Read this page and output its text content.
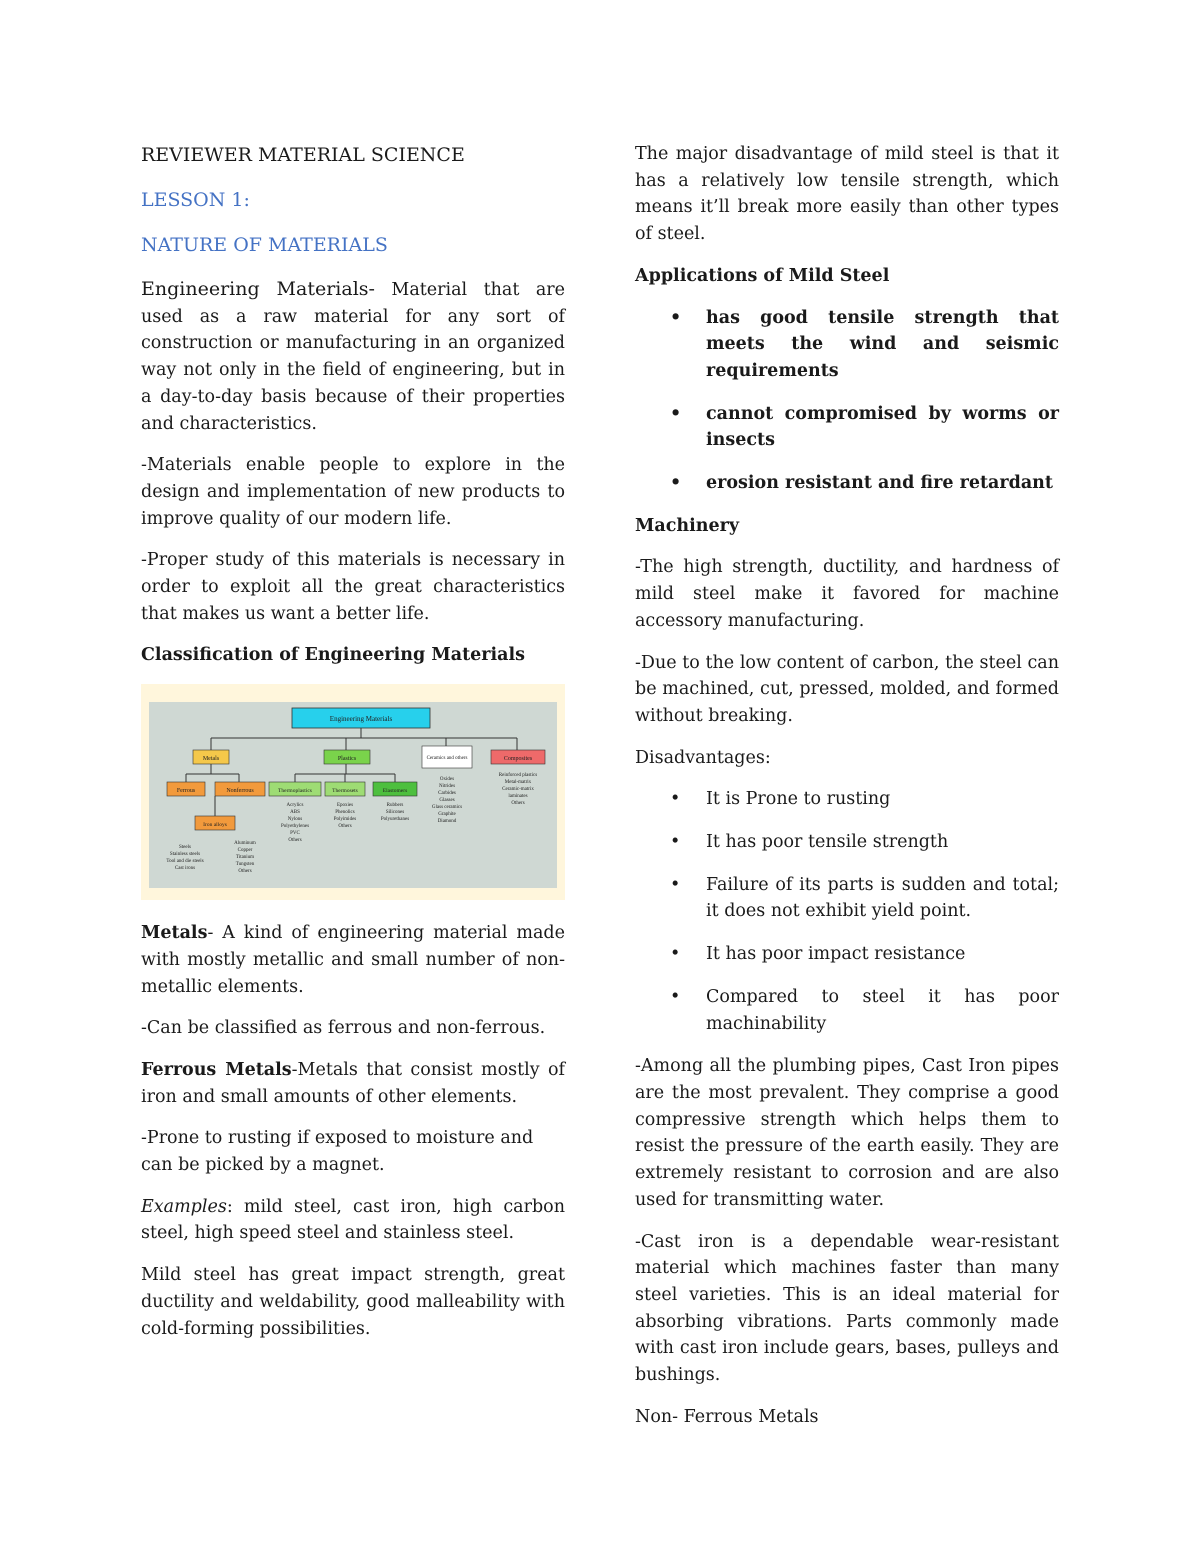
REVIEWER MATERIAL SCIENCE

LESSON 1:

NATURE OF MATERIALS

Engineering Materials- Material that are used as a raw material for any sort of construction or manufacturing in an organized way not only in the field of engineering, but in a day-to-day basis because of their properties and characteristics.

-Materials enable people to explore in the design and implementation of new products to improve quality of our modern life.

-Proper study of this materials is necessary in order to exploit all the great characteristics that makes us want a better life.

Classification of Engineering Materials

Engineering Materials
Metals	Plastics	Ceramics and others	Composites
Ferrous	Nonferrous
Iron alloys
Thermoplastics	Thermosets	Elastomers
Steels
Stainless steels
Tool and die steels
Cast irons
Aluminum
Copper
Titanium
Tungsten
Others
Acrylics
ABS
Nylons
Polyethylenes
PVC
Others
Epoxies
Phenolics
Polyimides
Others
Rubbers
Silicones
Polyurethanes
Oxides
Nitrides
Carbides
Glasses
Glass ceramics
Graphite
Diamond
Reinforced plastics
Metal-matrix
Ceramic-matrix
laminates
Others

Metals- A kind of engineering material made with mostly metallic and small number of non-metallic elements.

-Can be classified as ferrous and non-ferrous.

Ferrous Metals-Metals that consist mostly of iron and small amounts of other elements.

-Prone to rusting if exposed to moisture and can be picked by a magnet.

Examples: mild steel, cast iron, high carbon steel, high speed steel and stainless steel.

Mild steel has great impact strength, great ductility and weldability, good malleability with cold-forming possibilities.

The major disadvantage of mild steel is that it has a relatively low tensile strength, which means it’ll break more easily than other types of steel.

Applications of Mild Steel

• has good tensile strength that meets the wind and seismic requirements
• cannot compromised by worms or insects
• erosion resistant and fire retardant

Machinery

-The high strength, ductility, and hardness of mild steel make it favored for machine accessory manufacturing.

-Due to the low content of carbon, the steel can be machined, cut, pressed, molded, and formed without breaking.

Disadvantages:

• It is Prone to rusting
• It has poor tensile strength
• Failure of its parts is sudden and total; it does not exhibit yield point.
• It has poor impact resistance
• Compared to steel it has poor machinability

-Among all the plumbing pipes, Cast Iron pipes are the most prevalent. They comprise a good compressive strength which helps them to resist the pressure of the earth easily. They are extremely resistant to corrosion and are also used for transmitting water.

-Cast iron is a dependable wear-resistant material which machines faster than many steel varieties. This is an ideal material for absorbing vibrations. Parts commonly made with cast iron include gears, bases, pulleys and bushings.

Non- Ferrous Metals
